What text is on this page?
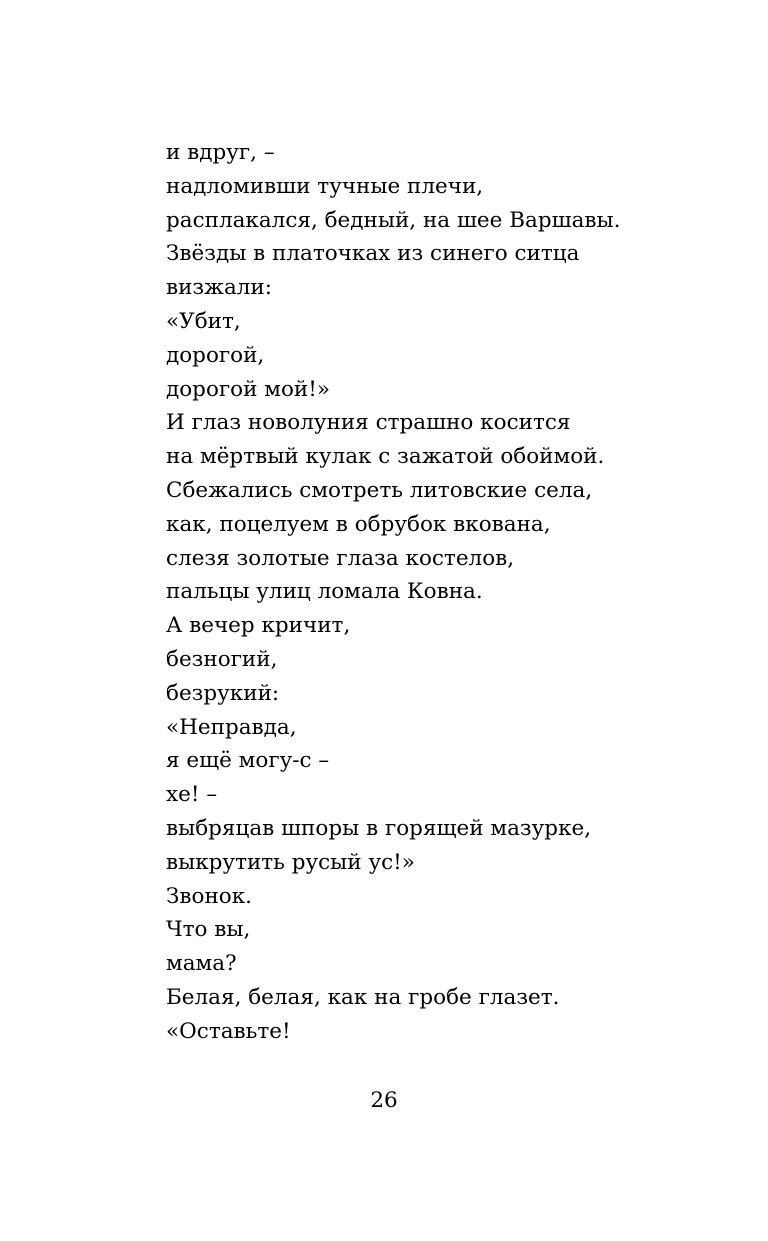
и вдруг, –
надломивши тучные плечи,
расплакался, бедный, на шее Варшавы.
Звёзды в платочках из синего ситца
визжали:
«Убит,
дорогой,
дорогой мой!»
И глаз новолуния страшно косится
на мёртвый кулак с зажатой обоймой.
Сбежались смотреть литовские села,
как, поцелуем в обрубок вкована,
слезя золотые глаза костелов,
пальцы улиц ломала Ковна.
А вечер кричит,
безногий,
безрукий:
«Неправда,
я ещё могу-с –
хе! –
выбряцав шпоры в горящей мазурке,
выкрутить русый ус!»
Звонок.
Что вы,
мама?
Белая, белая, как на гробе глазет.
«Оставьте!
26
